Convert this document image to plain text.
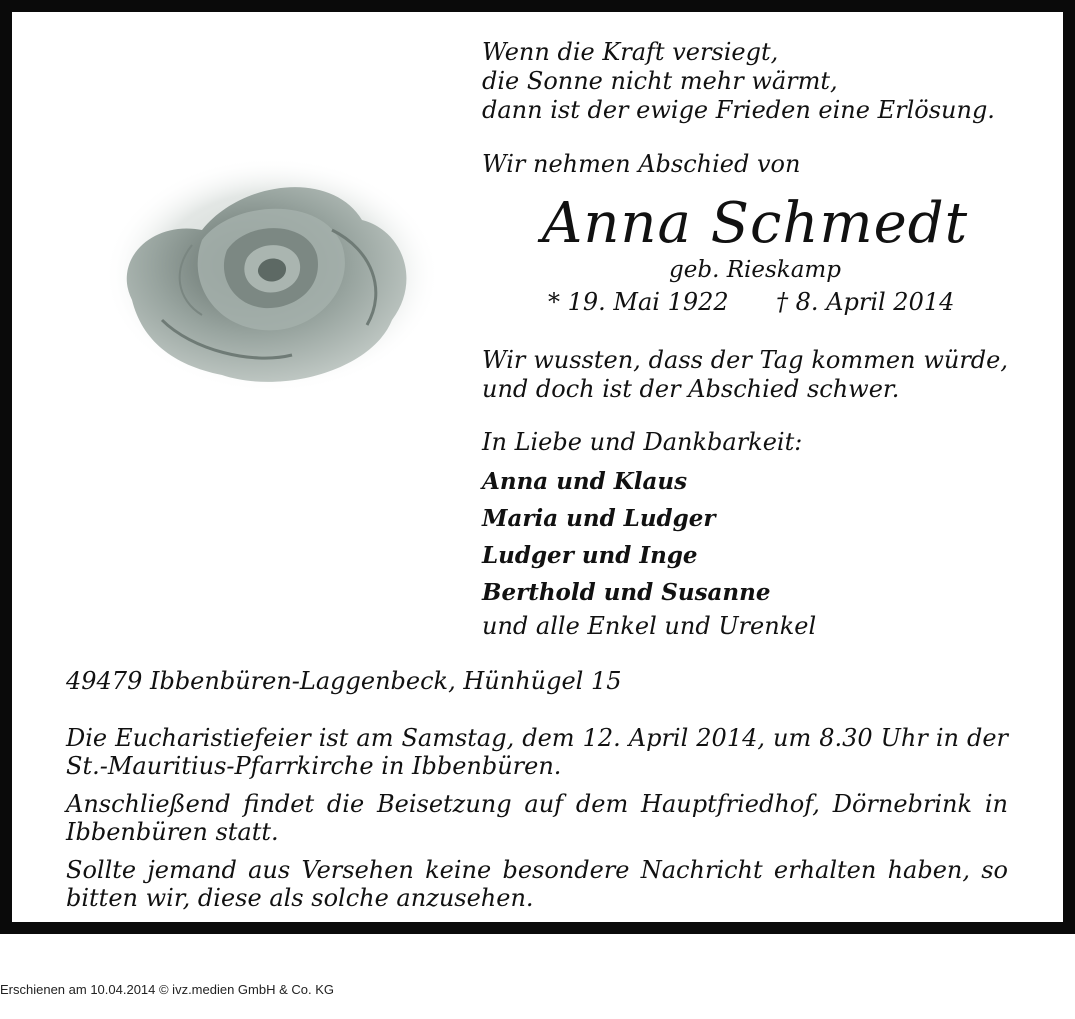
Wenn die Kraft versiegt,
die Sonne nicht mehr wärmt,
dann ist der ewige Frieden eine Erlösung.
Wir nehmen Abschied von
Anna Schmedt
geb. Rieskamp
* 19. Mai 1922 † 8. April 2014
Wir wussten, dass der Tag kommen würde, und doch ist der Abschied schwer.
In Liebe und Dankbarkeit:
Anna und Klaus
Maria und Ludger
Ludger und Inge
Berthold und Susanne
und alle Enkel und Urenkel
49479 Ibbenbüren-Laggenbeck, Hünhügel 15
Die Eucharistiefeier ist am Samstag, dem 12. April 2014, um 8.30 Uhr in der St.-Mauritius-Pfarrkirche in Ibbenbüren.
Anschließend findet die Beisetzung auf dem Hauptfriedhof, Dörnebrink in Ibbenbüren statt.
Sollte jemand aus Versehen keine besondere Nachricht erhalten haben, so bitten wir, diese als solche anzusehen.
Erschienen am 10.04.2014 © ivz.medien GmbH & Co. KG
